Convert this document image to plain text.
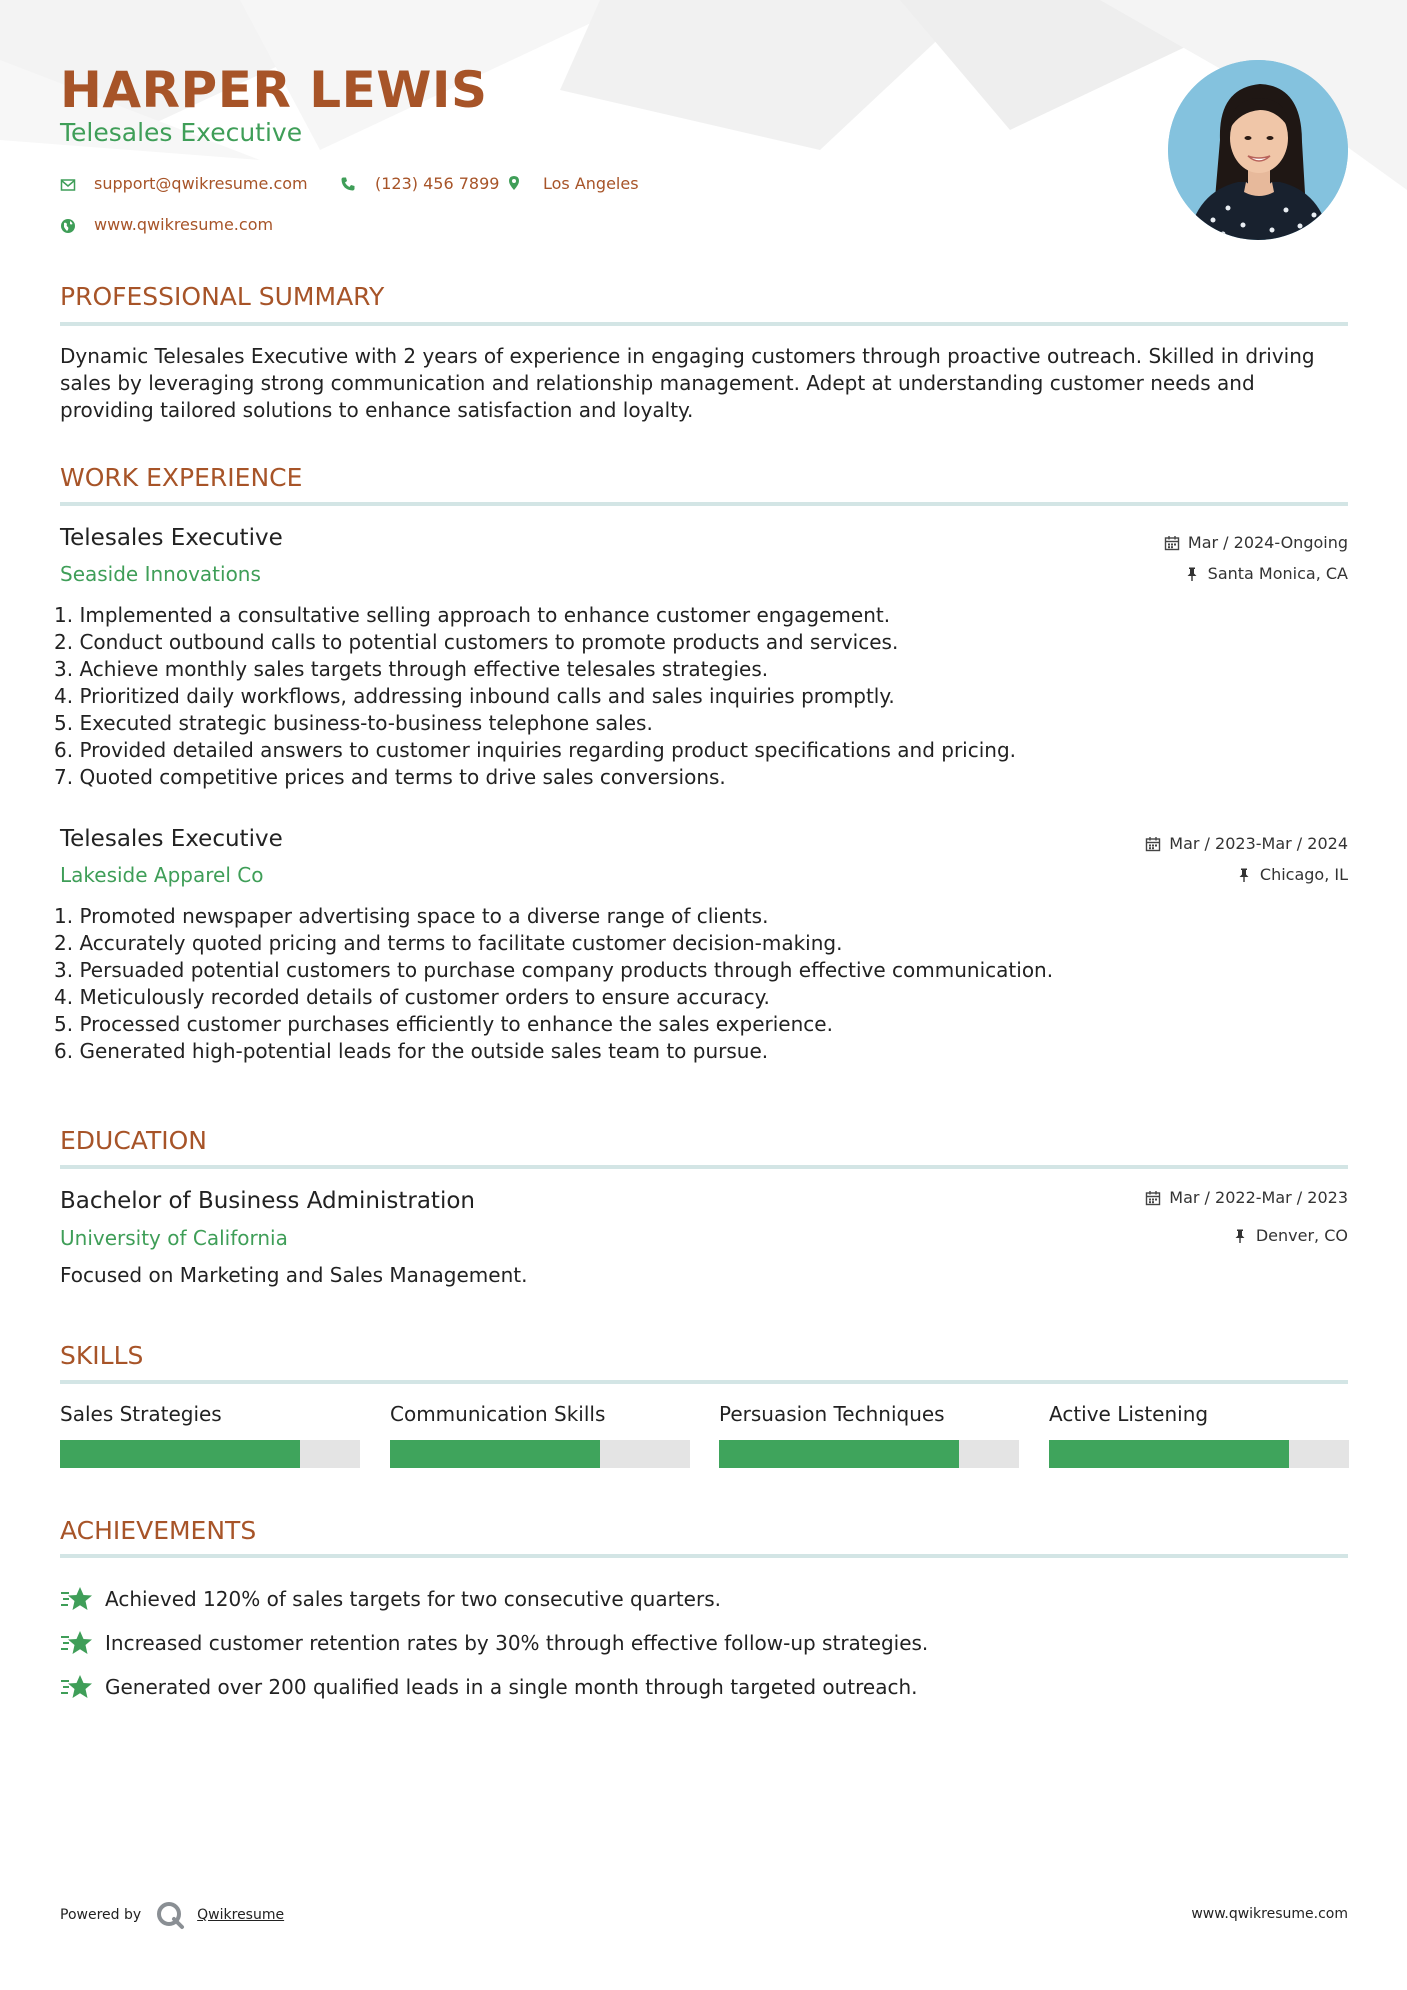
HARPER LEWIS
Telesales Executive
support@qwikresume.com	(123) 456 7899	Los Angeles
www.qwikresume.com
PROFESSIONAL SUMMARY

Dynamic Telesales Executive with 2 years of experience in engaging customers through proactive outreach. Skilled in driving sales by leveraging strong communication and relationship management. Adept at understanding customer needs and providing tailored solutions to enhance satisfaction and loyalty.

WORK EXPERIENCE
Telesales Executive
Seaside Innovations
Mar / 2024-Ongoing
Santa Monica, CA
1. Implemented a consultative selling approach to enhance customer engagement.
2. Conduct outbound calls to potential customers to promote products and services.
3. Achieve monthly sales targets through effective telesales strategies.
4. Prioritized daily workflows, addressing inbound calls and sales inquiries promptly.
5. Executed strategic business-to-business telephone sales.
6. Provided detailed answers to customer inquiries regarding product specifications and pricing.
7. Quoted competitive prices and terms to drive sales conversions.
Telesales Executive
Lakeside Apparel Co
Mar / 2023-Mar / 2024
Chicago, IL
1. Promoted newspaper advertising space to a diverse range of clients.
2. Accurately quoted pricing and terms to facilitate customer decision-making.
3. Persuaded potential customers to purchase company products through effective communication.
4. Meticulously recorded details of customer orders to ensure accuracy.
5. Processed customer purchases efficiently to enhance the sales experience.
6. Generated high-potential leads for the outside sales team to pursue.
EDUCATION
Bachelor of Business Administration
University of California
Mar / 2022-Mar / 2023
Denver, CO
Focused on Marketing and Sales Management.
SKILLS
Sales Strategies	Communication Skills	Persuasion Techniques	Active Listening
ACHIEVEMENTS
Achieved 120% of sales targets for two consecutive quarters.
Increased customer retention rates by 30% through effective follow-up strategies.
Generated over 200 qualified leads in a single month through targeted outreach.
Powered by	Qwikresume	www.qwikresume.com
